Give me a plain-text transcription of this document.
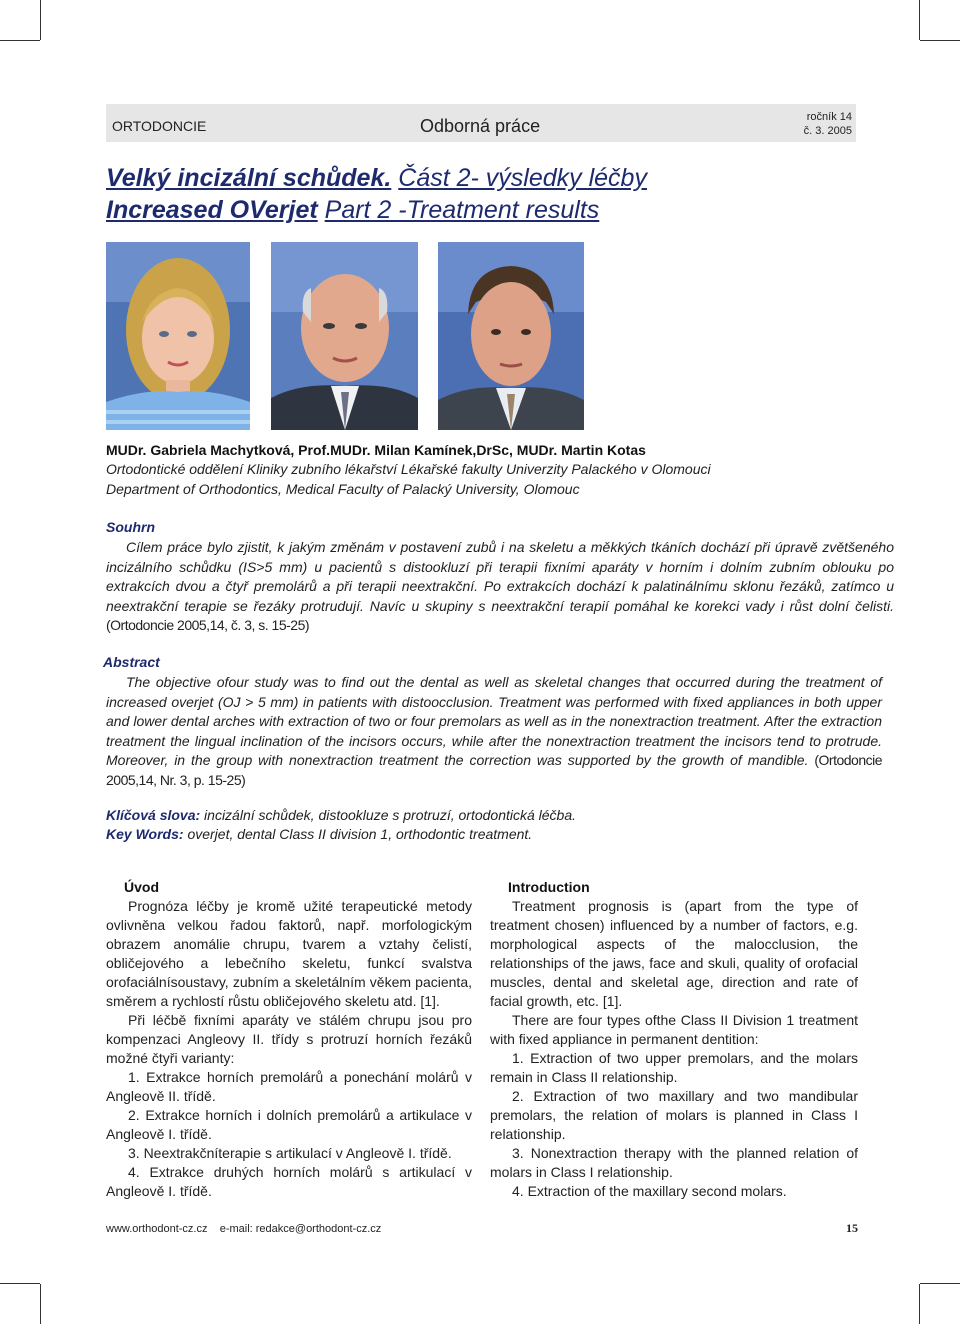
ORTODONCIE	Odborná práce	ročník 14
č. 3. 2005
Velký incizální schůdek. Část 2- výsledky léčby
Increased OVerjet Part 2 -Treatment results
MUDr. Gabriela Machytková, Prof.MUDr. Milan Kamínek,DrSc, MUDr. Martin Kotas
Ortodontické oddělení Kliniky zubního lékařství Lékařské fakulty Univerzity Palackého v Olomouci
Department of Orthodontics, Medical Faculty of Palacký University, Olomouc
Souhrn
Cílem práce bylo zjistit, k jakým změnám v postavení zubů i na skeletu a měkkých tkáních dochází při úpravě zvětšeného incizálního schůdku (IS>5 mm) u pacientů s distookluzí při terapii fixními aparáty v horním i dolním zubním oblouku po extrakcích dvou a čtyř premolárů a při terapii neextrakční. Po extrakcích dochází k palatinálnímu sklonu řezáků, zatímco u neextrakční terapie se řezáky protrudují. Navíc u skupiny s neextrakční terapií pomáhal ke korekci vady i růst dolní čelisti. (Ortodoncie 2005,14, č. 3, s. 15-25)
Abstract
The objective ofour study was to find out the dental as well as skeletal changes that occurred during the treatment of increased overjet (OJ > 5 mm) in patients with distoocclusion. Treatment was performed with fixed appliances in both upper and lower dental arches with extraction of two or four premolars as well as in the nonextraction treatment. After the extraction treatment the lingual inclination of the incisors occurs, while after the nonextraction treatment the incisors tend to protrude. Moreover, in the group with nonextraction treatment the correction was supported by the growth of mandible. (Ortodoncie 2005,14, Nr. 3, p. 15-25)
Klíčová slova: incizální schůdek, distookluze s protruzí, ortodontická léčba.
Key Words: overjet, dental Class II division 1, orthodontic treatment.
Úvod

Prognóza léčby je kromě užité terapeutické metody ovlivněna velkou řadou faktorů, např. morfologickým obrazem anomálie chrupu, tvarem a vztahy čelistí, obličejového a lebečního skeletu, funkcí svalstva orofaciálnísoustavy, zubním a skeletálním věkem pacienta, směrem a rychlostí růstu obličejového skeletu atd. [1].

Při léčbě fixními aparáty ve stálém chrupu jsou pro kompenzaci Angleovy II. třídy s protruzí horních řezáků možné čtyři varianty:

1. Extrakce horních premolárů a ponechání molárů v Angleově II. třídě.

2. Extrakce horních i dolních premolárů a artikulace v Angleově I. třídě.

3. Neextrakčníterapie s artikulací v Angleově I. třídě.

4. Extrakce druhých horních molárů s artikulací v Angleově I. třídě.

Introduction

Treatment prognosis is (apart from the type of treatment chosen) influenced by a number of factors, e.g. morphological aspects of the malocclusion, the relationships of the jaws, face and skuli, quality of orofacial muscles, dental and skeletal age, direction and rate of facial growth, etc. [1].

There are four types ofthe Class II Division 1 treatment with fixed appliance in permanent dentition:

1. Extraction of two upper premolars, and the molars remain in Class II relationship.

2. Extraction of two maxillary and two mandibular premolars, the relation of molars is planned in Class I relationship.

3. Nonextraction therapy with the planned relation of molars in Class I relationship.

4. Extraction of the maxillary second molars.

www.orthodont-cz.cz    e-mail: redakce@orthodont-cz.cz	15
